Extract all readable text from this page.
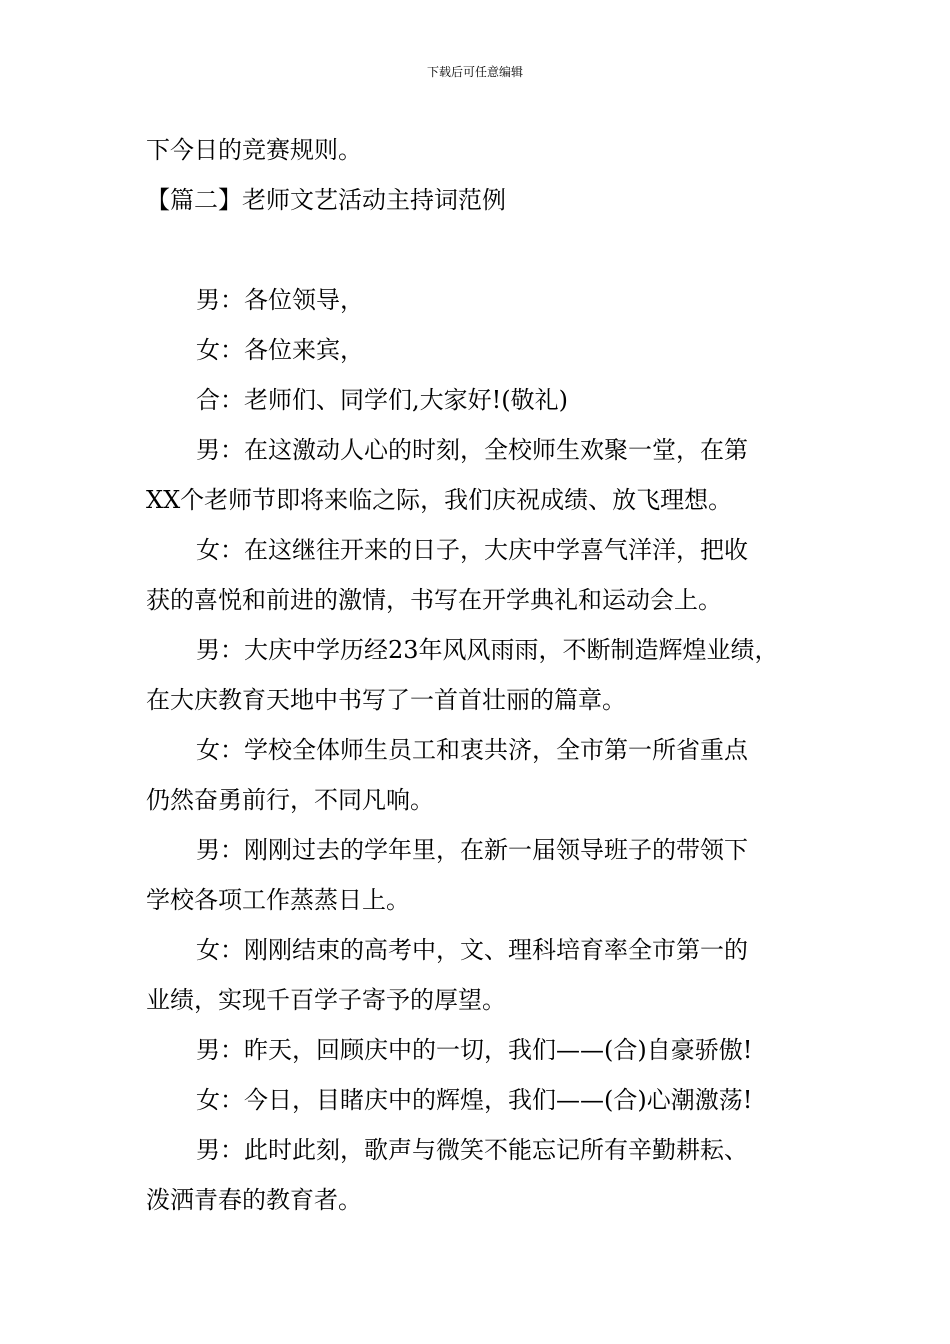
下载后可任意编辑
下今日的竞赛规则。
【篇二】老师文艺活动主持词范例
男：各位领导，
女：各位来宾，
合：老师们、同学们,大家好!(敬礼)
男：在这激动人心的时刻，全校师生欢聚一堂，在第
XX个老师节即将来临之际，我们庆祝成绩、放飞理想。
女：在这继往开来的日子，大庆中学喜气洋洋，把收
获的喜悦和前进的激情，书写在开学典礼和运动会上。
男：大庆中学历经23年风风雨雨，不断制造辉煌业绩，
在大庆教育天地中书写了一首首壮丽的篇章。
女：学校全体师生员工和衷共济，全市第一所省重点
仍然奋勇前行，不同凡响。
男：刚刚过去的学年里，在新一届领导班子的带领下
学校各项工作蒸蒸日上。
女：刚刚结束的高考中，文、理科培育率全市第一的
业绩，实现千百学子寄予的厚望。
男：昨天，回顾庆中的一切，我们——(合)自豪骄傲!
女：今日，目睹庆中的辉煌，我们——(合)心潮激荡!
男：此时此刻，歌声与微笑不能忘记所有辛勤耕耘、
泼洒青春的教育者。
